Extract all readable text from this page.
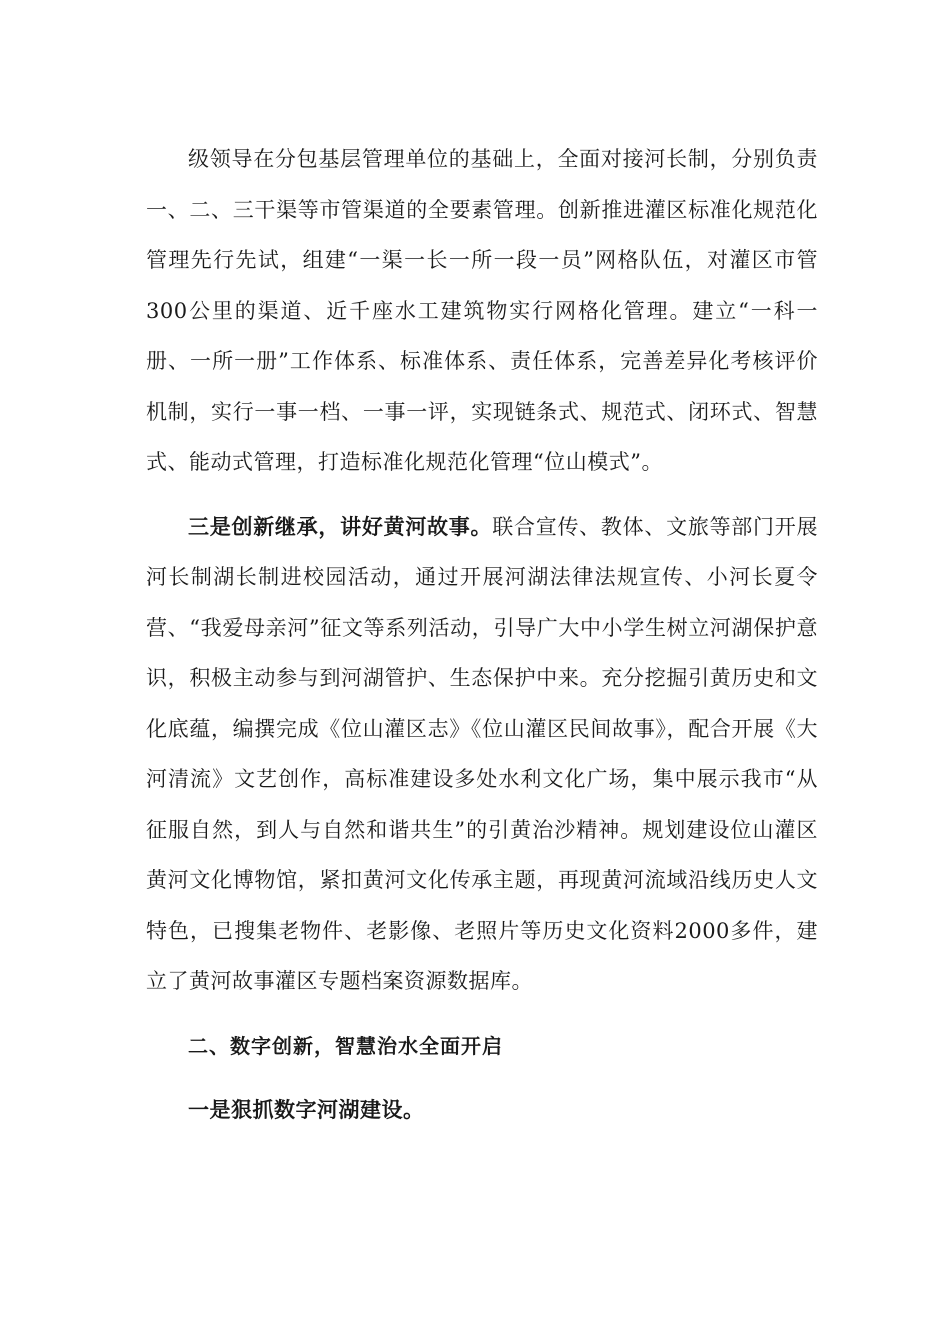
级领导在分包基层管理单位的基础上，全面对接河长制，分别负责一、二、三干渠等市管渠道的全要素管理。创新推进灌区标准化规范化管理先行先试，组建“一渠一长一所一段一员”网格队伍，对灌区市管300公里的渠道、近千座水工建筑物实行网格化管理。建立“一科一册、一所一册”工作体系、标准体系、责任体系，完善差异化考核评价机制，实行一事一档、一事一评，实现链条式、规范式、闭环式、智慧式、能动式管理，打造标准化规范化管理“位山模式”。

三是创新继承，讲好黄河故事。联合宣传、教体、文旅等部门开展河长制湖长制进校园活动，通过开展河湖法律法规宣传、小河长夏令营、“我爱母亲河”征文等系列活动，引导广大中小学生树立河湖保护意识，积极主动参与到河湖管护、生态保护中来。充分挖掘引黄历史和文化底蕴，编撰完成《位山灌区志》《位山灌区民间故事》，配合开展《大河清流》文艺创作，高标准建设多处水利文化广场，集中展示我市“从征服自然，到人与自然和谐共生”的引黄治沙精神。规划建设位山灌区黄河文化博物馆，紧扣黄河文化传承主题，再现黄河流域沿线历史人文特色，已搜集老物件、老影像、老照片等历史文化资料2000多件，建立了黄河故事灌区专题档案资源数据库。

二、数字创新，智慧治水全面开启

一是狠抓数字河湖建设。
